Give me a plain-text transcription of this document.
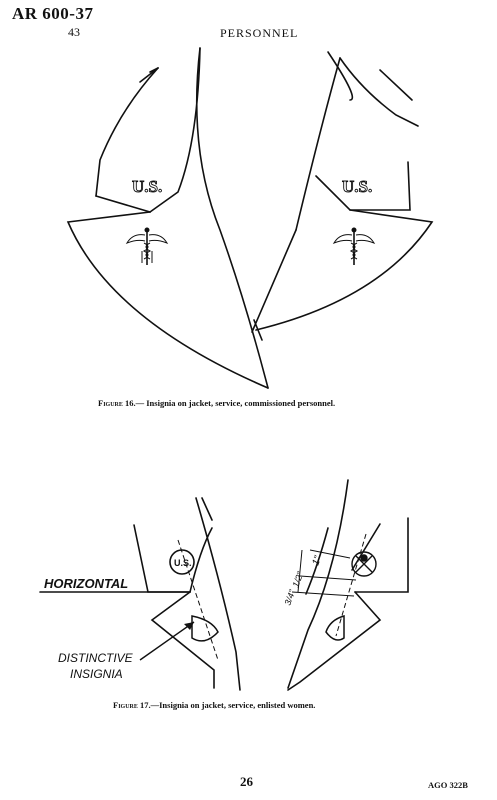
AR 600-37
43	PERSONNEL
U.S.	U.S.
Figure 16.— Insignia on jacket, service, commissioned personnel.
U.S.	1"
1/2"
3/4"
HORIZONTAL
DISTINCTIVE
INSIGNIA
Figure 17.—Insignia on jacket, service, enlisted women.
26	AGO 322B
